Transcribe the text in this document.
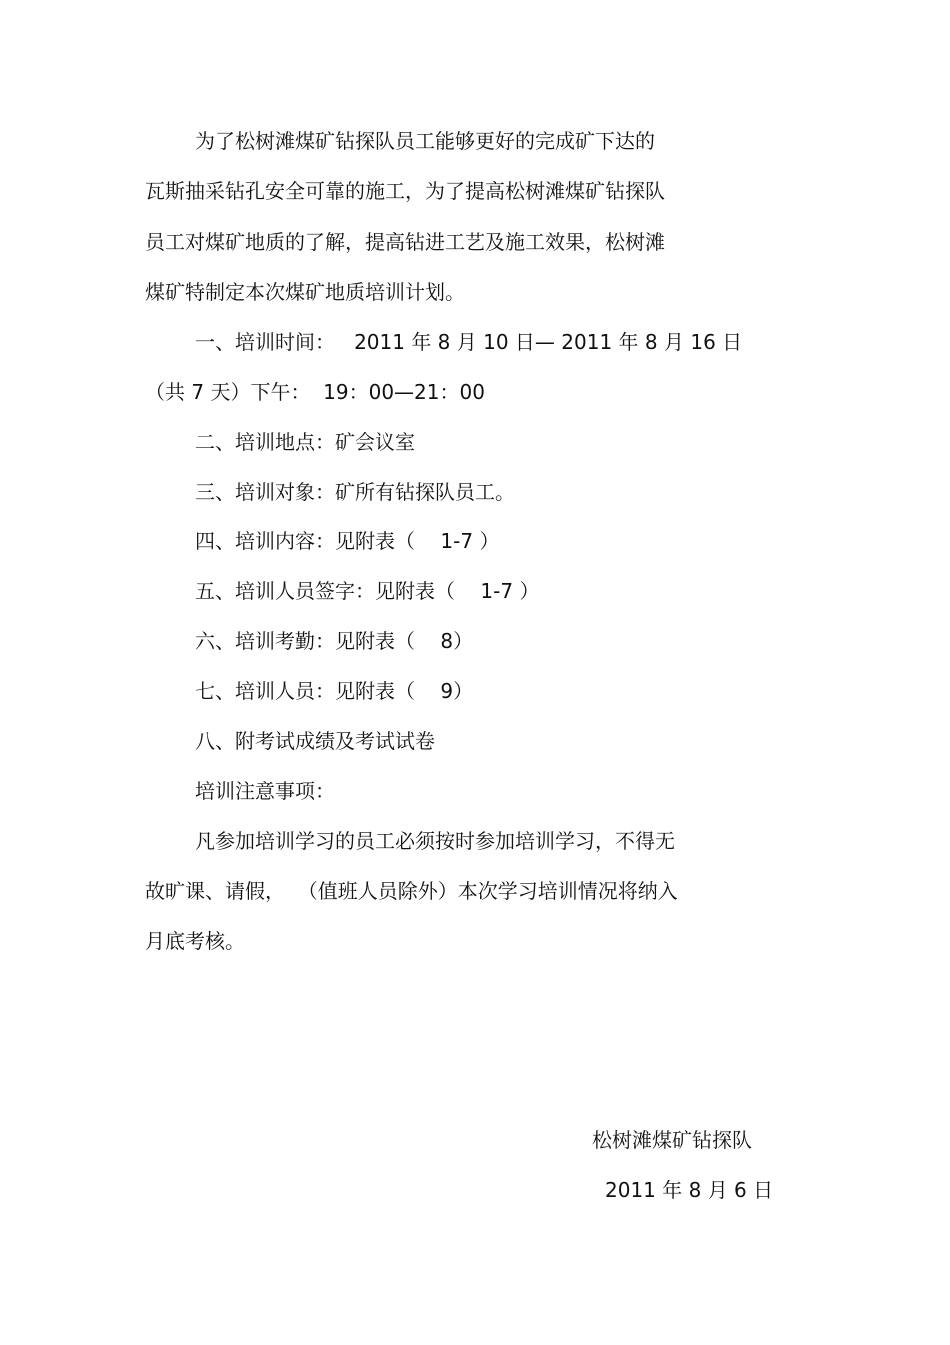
为了松树滩煤矿钻探队员工能够更好的完成矿下达的

瓦斯抽采钻孔安全可靠的施工，为了提高松树滩煤矿钻探队

员工对煤矿地质的了解，提高钻进工艺及施工效果，松树滩

煤矿特制定本次煤矿地质培训计划。

一、培训时间：   2011 年 8 月 10 日— 2011 年 8 月 16 日

（共 7 天）下午：  19：00—21：00

二、培训地点：矿会议室

三、培训对象：矿所有钻探队员工。

四、培训内容：见附表（    1-7 ）

五、培训人员签字：见附表（    1-7 ）

六、培训考勤：见附表（    8）

七、培训人员：见附表（    9）

八、附考试成绩及考试试卷

培训注意事项：

凡参加培训学习的员工必须按时参加培训学习，不得无

故旷课、请假，  （值班人员除外）本次学习培训情况将纳入

月底考核。

松树滩煤矿钻探队

2011 年 8 月 6 日
